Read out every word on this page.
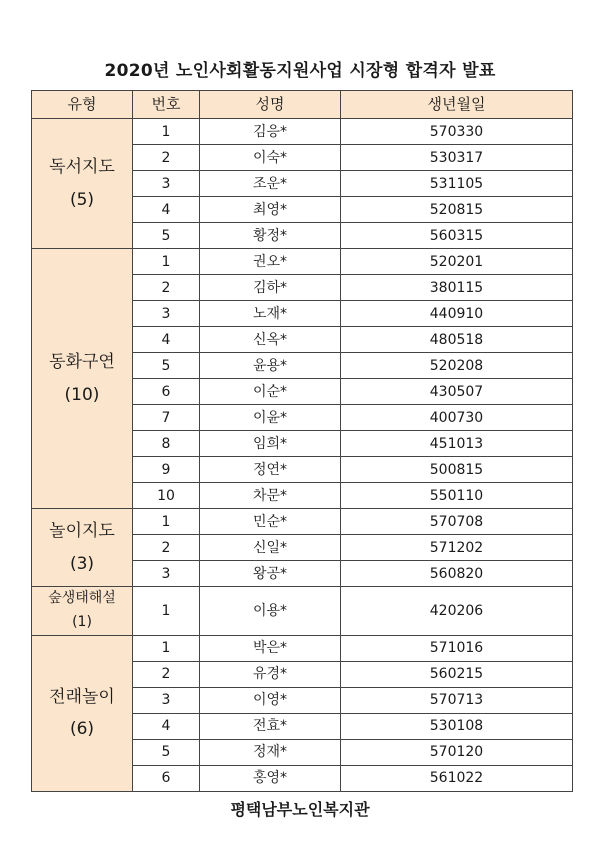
2020년 노인사회활동지원사업 시장형 합격자 발표
유형	번호	성명	생년월일

독서지도
(5)	1	김응*	570330
	2	이숙*	530317
	3	조운*	531105
	4	최영*	520815
	5	황정*	560315

동화구연
(10)	1	권오*	520201
	2	김하*	380115
	3	노재*	440910
	4	신옥*	480518
	5	윤용*	520208
	6	이순*	430507
	7	이윤*	400730
	8	임희*	451013
	9	정연*	500815
	10	차문*	550110

놀이지도
(3)	1	민순*	570708
	2	신일*	571202
	3	왕공*	560820

숲생태해설
(1)	1	이용*	420206

전래놀이
(6)	1	박은*	571016
	2	유경*	560215
	3	이영*	570713
	4	전효*	530108
	5	정재*	570120
	6	홍영*	561022
평택남부노인복지관
